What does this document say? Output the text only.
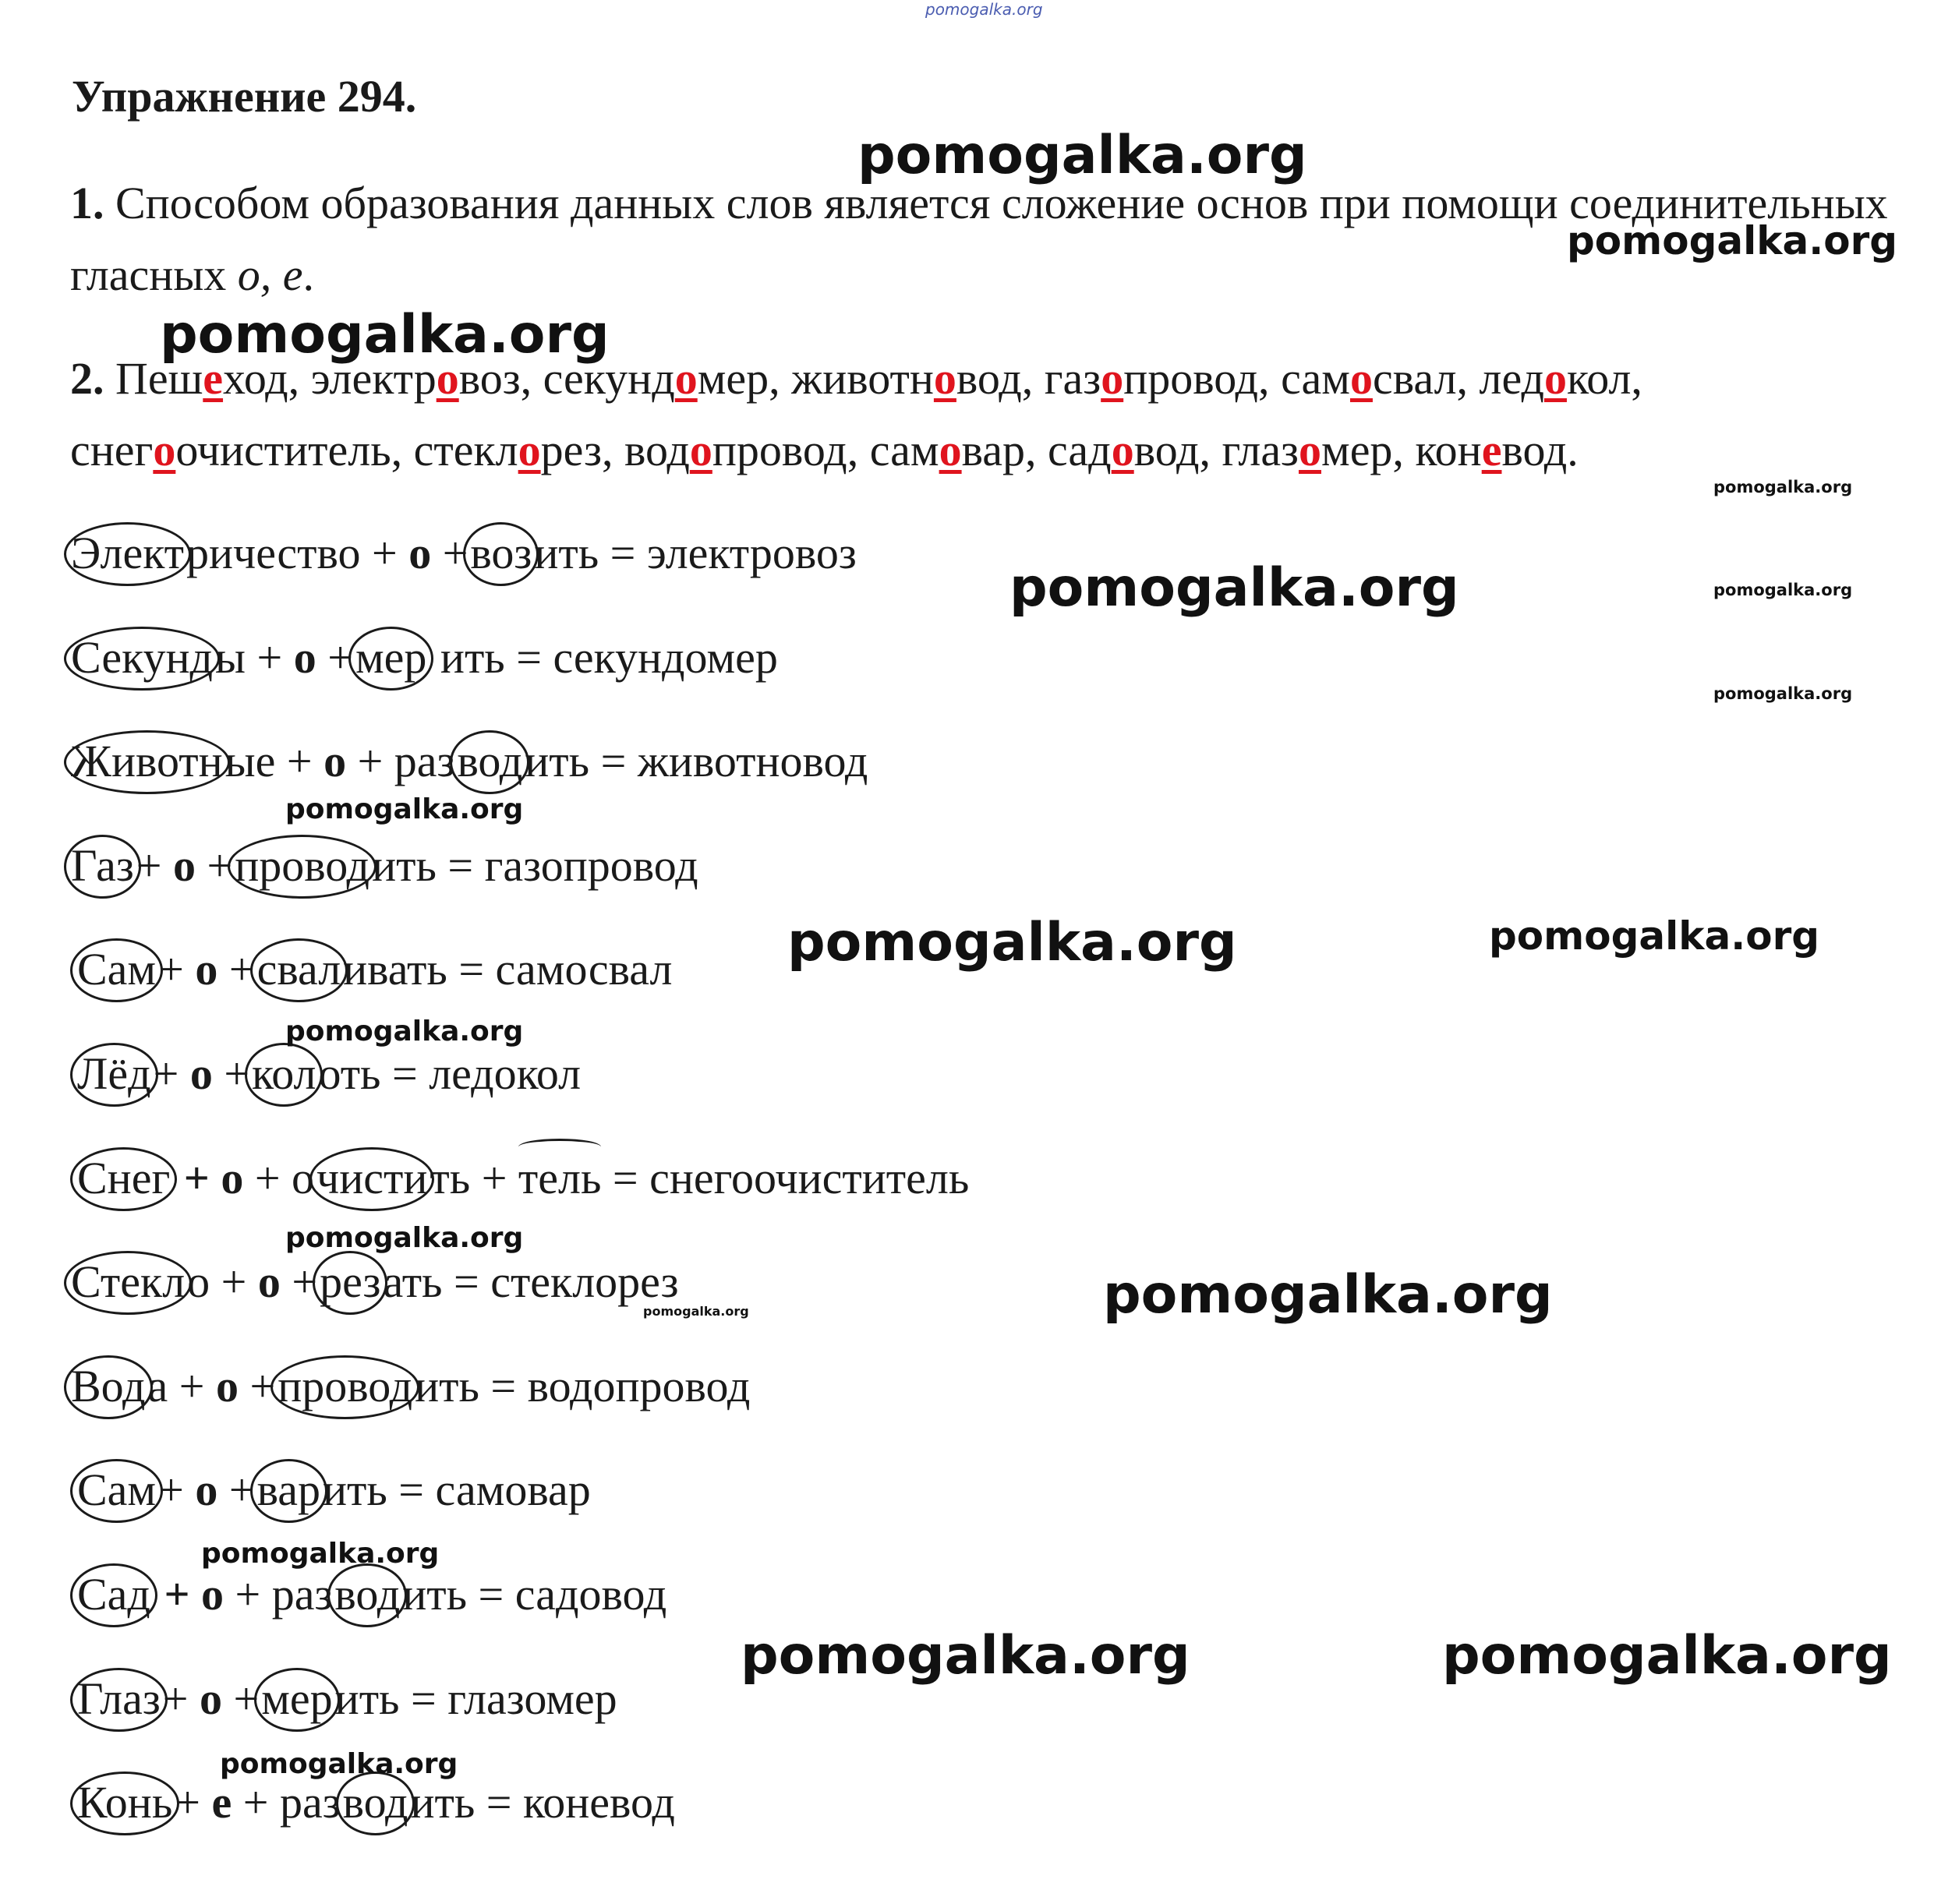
pomogalka.org
Упражнение 294.
1. Способом образования данных слов является сложение основ при помощи соединительных гласных о, е.
2. Пешеход, электровоз, секундомер, животновод, газопровод, самосвал, ледокол, снегоочиститель, стеклорез, водопровод, самовар, садовод, глазомер, коневод.
Электричество + о +возить = электровоз
Секунды + о +мер ить = секундомер
Животные + о + разводить = животновод
Газ+ о +проводить = газопровод
Сам+ о +сваливать = самосвал
Лёд+ о +колоть = ледокол
Снег + о + очистить + тель = снегоочиститель
Стекло + о +резать = стеклорез
Вода + о +проводить = водопровод
Сам+ о +варить = самовар
Сад + о + разводить = садовод
Глаз+ о +мерить = глазомер
Конь+ е + разводить = коневод
pomogalka.org
pomogalka.org
pomogalka.org
pomogalka.org
pomogalka.org	pomogalka.org
pomogalka.org
pomogalka.org
pomogalka.org	pomogalka.org
pomogalka.org
pomogalka.org
pomogalka.org
pomogalka.org
pomogalka.org
pomogalka.org	pomogalka.org
pomogalka.org
